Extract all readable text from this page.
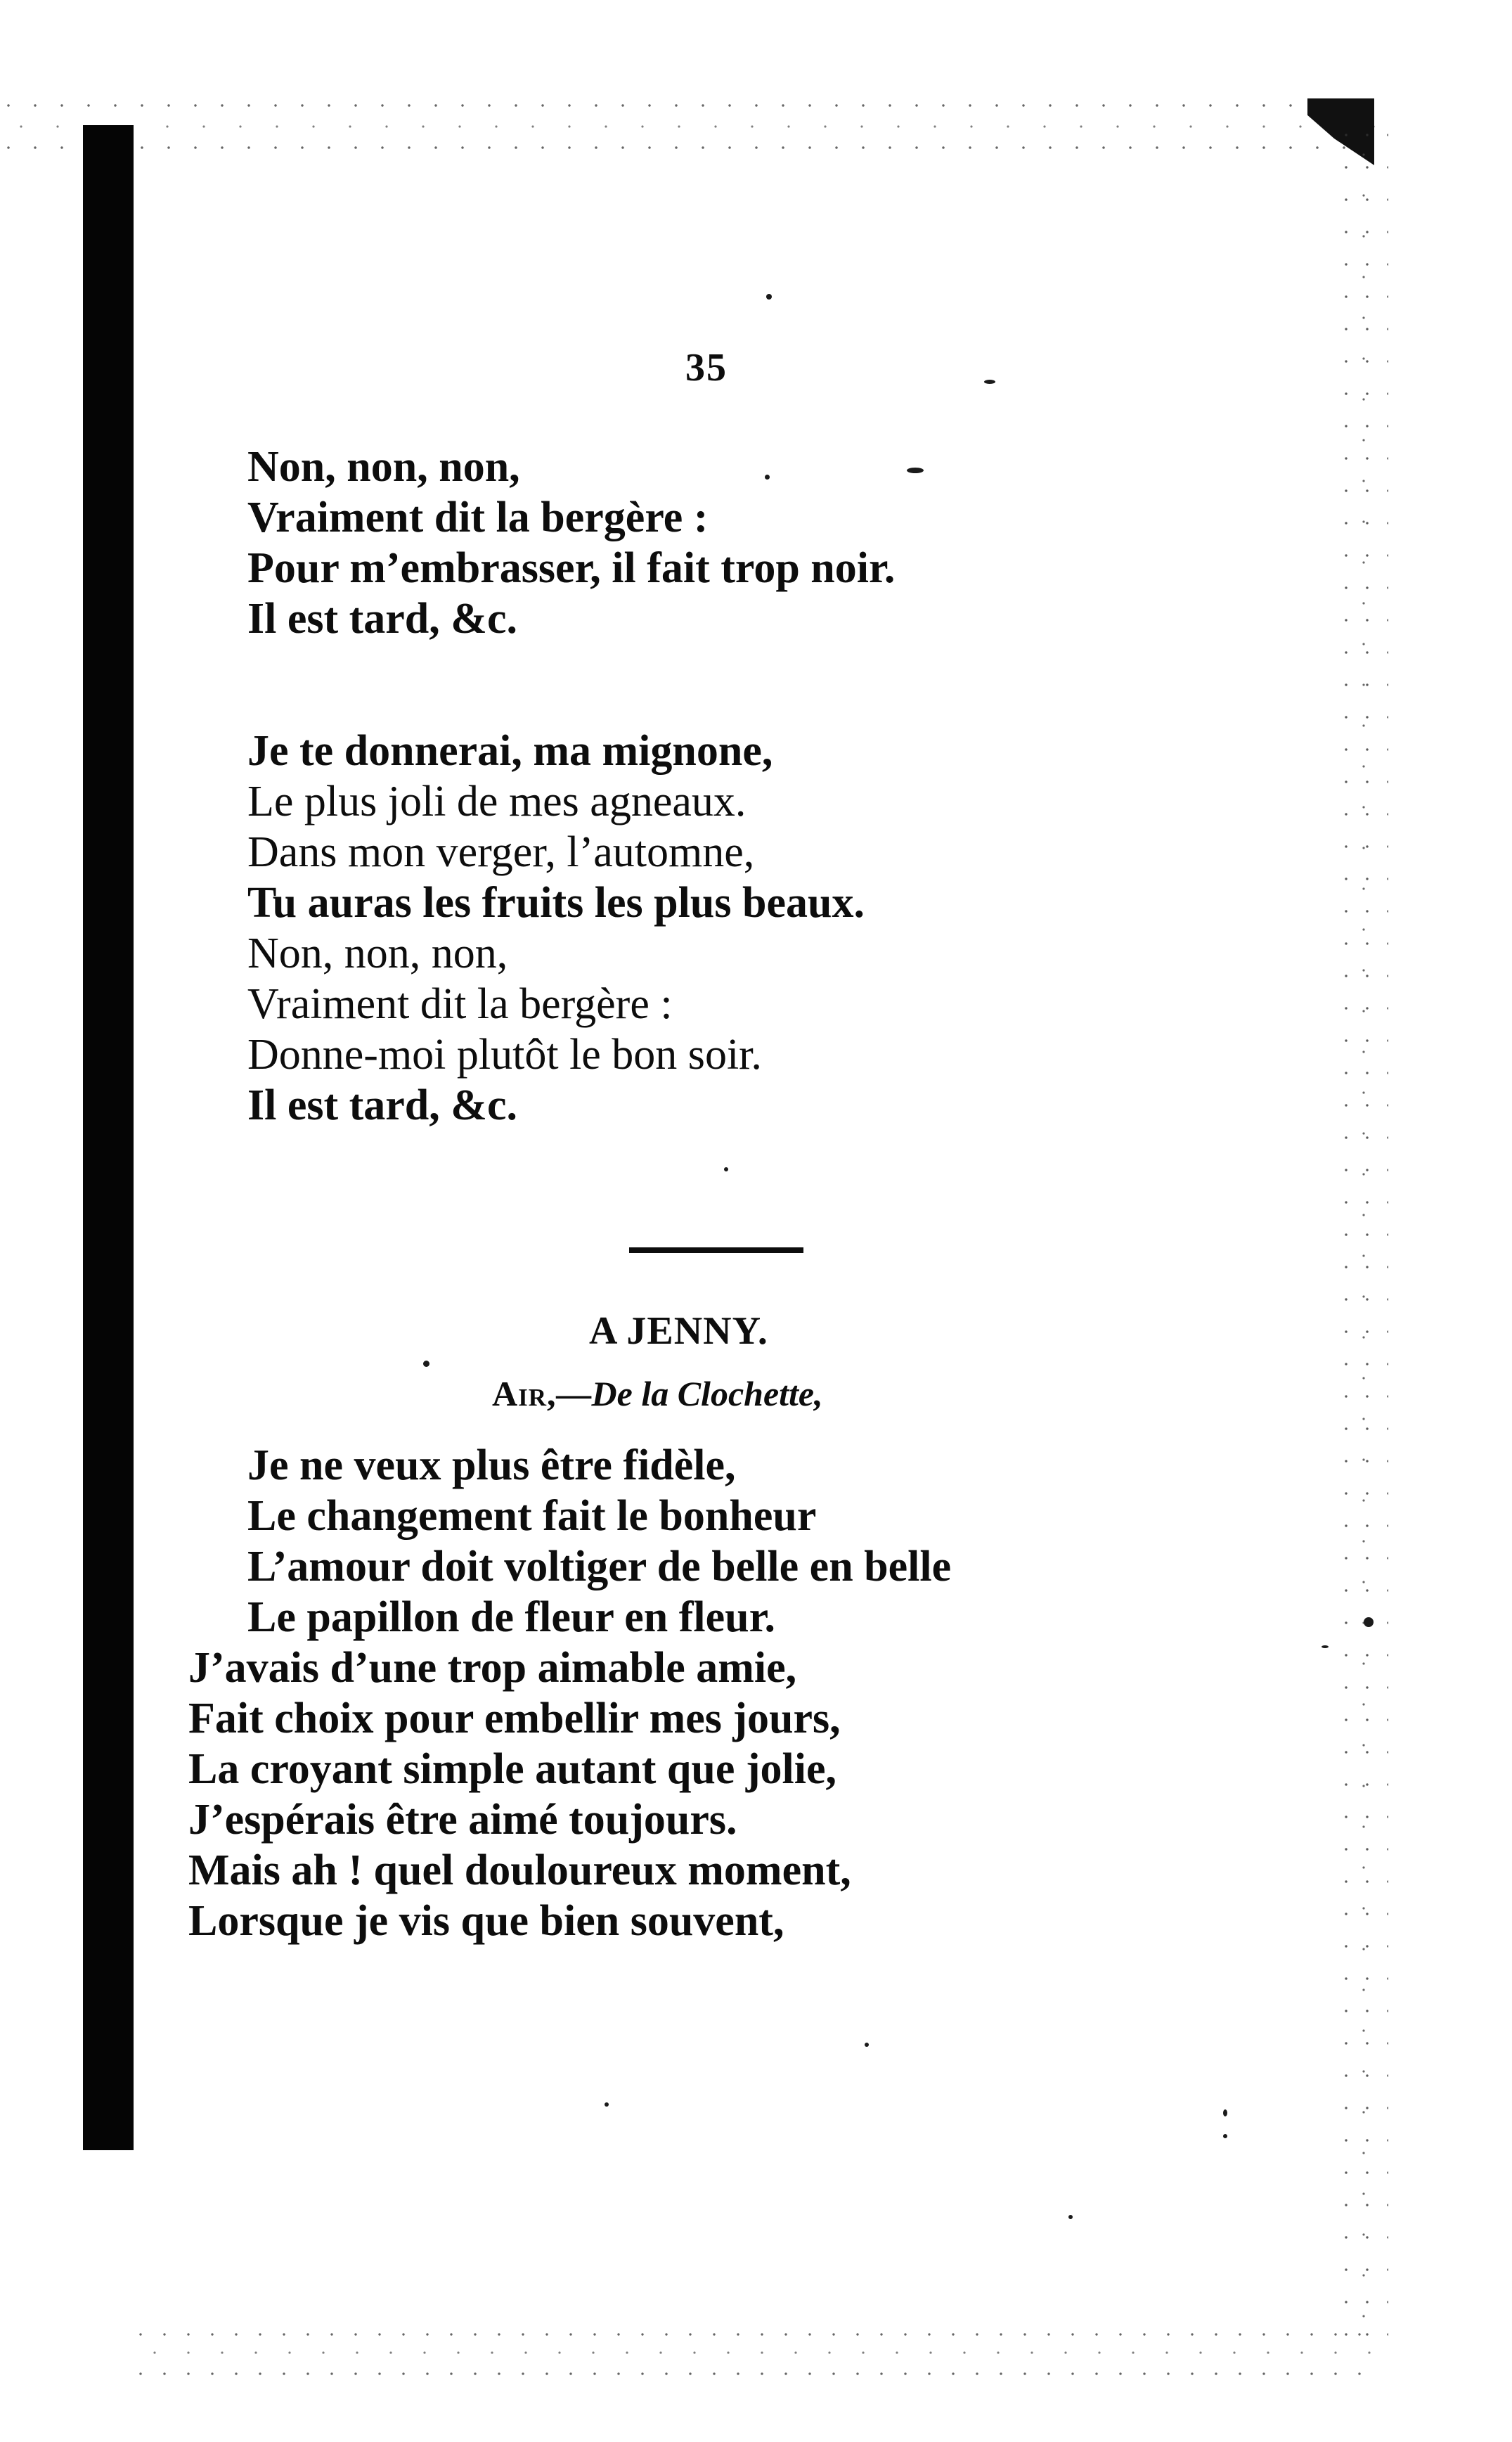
35
Non, non, non,
Vraiment dit la bergère :
Pour m’embrasser, il fait trop noir.
Il est tard, &c.
Je te donnerai, ma mignone,
Le plus joli de mes agneaux.
Dans mon verger, l’automne,
Tu auras les fruits les plus beaux.
Non, non, non,
Vraiment dit la bergère :
Donne-moi plutôt le bon soir.
Il est tard, &c.
A JENNY.
Air,—De la Clochette,
Je ne veux plus être fidèle,
Le changement fait le bonheur
L’amour doit voltiger de belle en belle
Le papillon de fleur en fleur.
J’avais d’une trop aimable amie,
Fait choix pour embellir mes jours,
La croyant simple autant que jolie,
J’espérais être aimé toujours.
Mais ah ! quel douloureux moment,
Lorsque je vis que bien souvent,
